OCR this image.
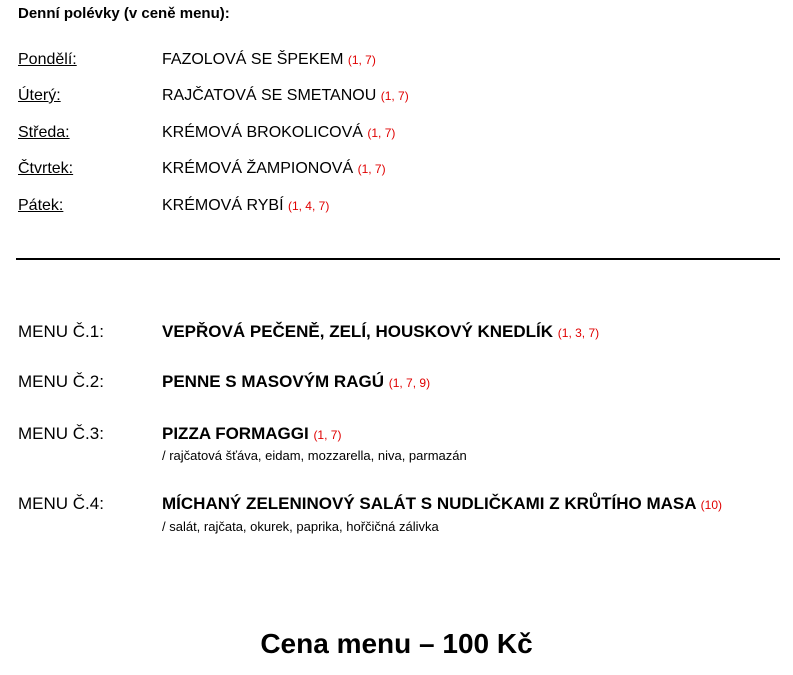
Denní polévky (v ceně menu):
Pondělí:	FAZOLOVÁ SE ŠPEKEM (1, 7)
Úterý:	RAJČATOVÁ SE SMETANOU (1, 7)
Středa:	KRÉMOVÁ BROKOLICOVÁ (1, 7)
Čtvrtek:	KRÉMOVÁ ŽAMPIONOVÁ (1, 7)
Pátek:	KRÉMOVÁ RYBÍ (1, 4, 7)
MENU Č.1:	VEPŘOVÁ PEČENĚ, ZELÍ, HOUSKOVÝ KNEDLÍK (1, 3, 7)
MENU Č.2:	PENNE S MASOVÝM RAGÚ (1, 7, 9)
MENU Č.3:	PIZZA FORMAGGI (1, 7)
/ rajčatová šťáva, eidam, mozzarella, niva, parmazán
MENU Č.4:	MÍCHANÝ ZELENINOVÝ SALÁT S NUDLIČKAMI Z KRŮTÍHO MASA (10)
/ salát, rajčata, okurek, paprika, hořčičná zálivka
Cena menu – 100 Kč
